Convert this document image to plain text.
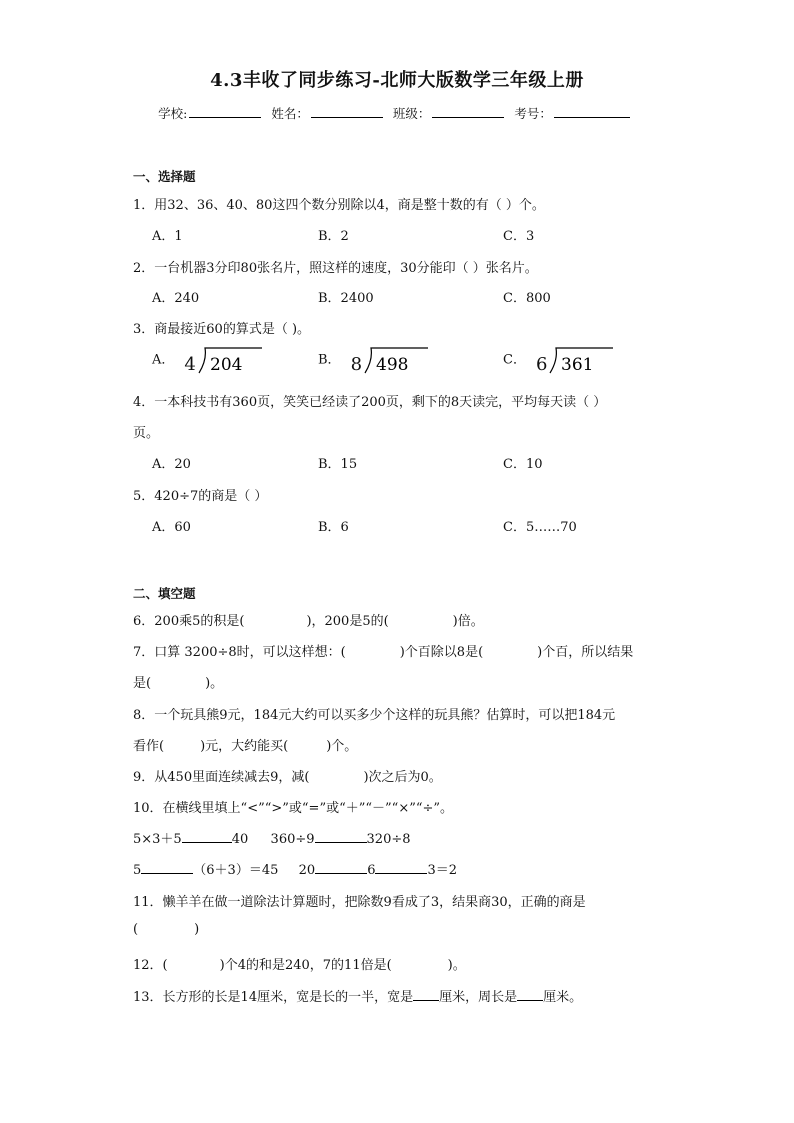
4.3丰收了同步练习-北师大版数学三年级上册
学校:	姓名：	班级：	考号：
一、选择题
1．用32、36、40、80这四个数分别除以4，商是整十数的有（ ）个。
A．1	B．2	C．3
2．一台机器3分印80张名片，照这样的速度，30分能印（ ）张名片。
A．240	B．2400	C．800
3．商最接近60的算式是（ )。
A． 4 204	B． 8 498	C． 6 361
4．一本科技书有360页，笑笑已经读了200页，剩下的8天读完，平均每天读（ ）
页。
A．20	B．15	C．10
5．420÷7的商是（ ）
A．60	B．6	C．5……70
二、填空题
6．200乘5的积是(	)，200是5的(	)倍。
7．口算 3200÷8时，可以这样想：(	)个百除以8是(	)个百，所以结果
是(	)。
8．一个玩具熊9元，184元大约可以买多少个这样的玩具熊？估算时，可以把184元
看作(	)元，大约能买(	)个。
9．从450里面连续减去9，减(	)次之后为0。
10．在横线里填上“<”“>”或“=”或“＋”“－”“×”“÷”。
5×3＋5	40 360÷9	320÷8
5	（6＋3）＝45 20	6	3＝2
11．懒羊羊在做一道除法计算题时，把除数9看成了3，结果商30，正确的商是
(	)
12．(	)个4的和是240，7的11倍是(	)。
13．长方形的长是14厘米，宽是长的一半，宽是 厘米，周长是 厘米。
